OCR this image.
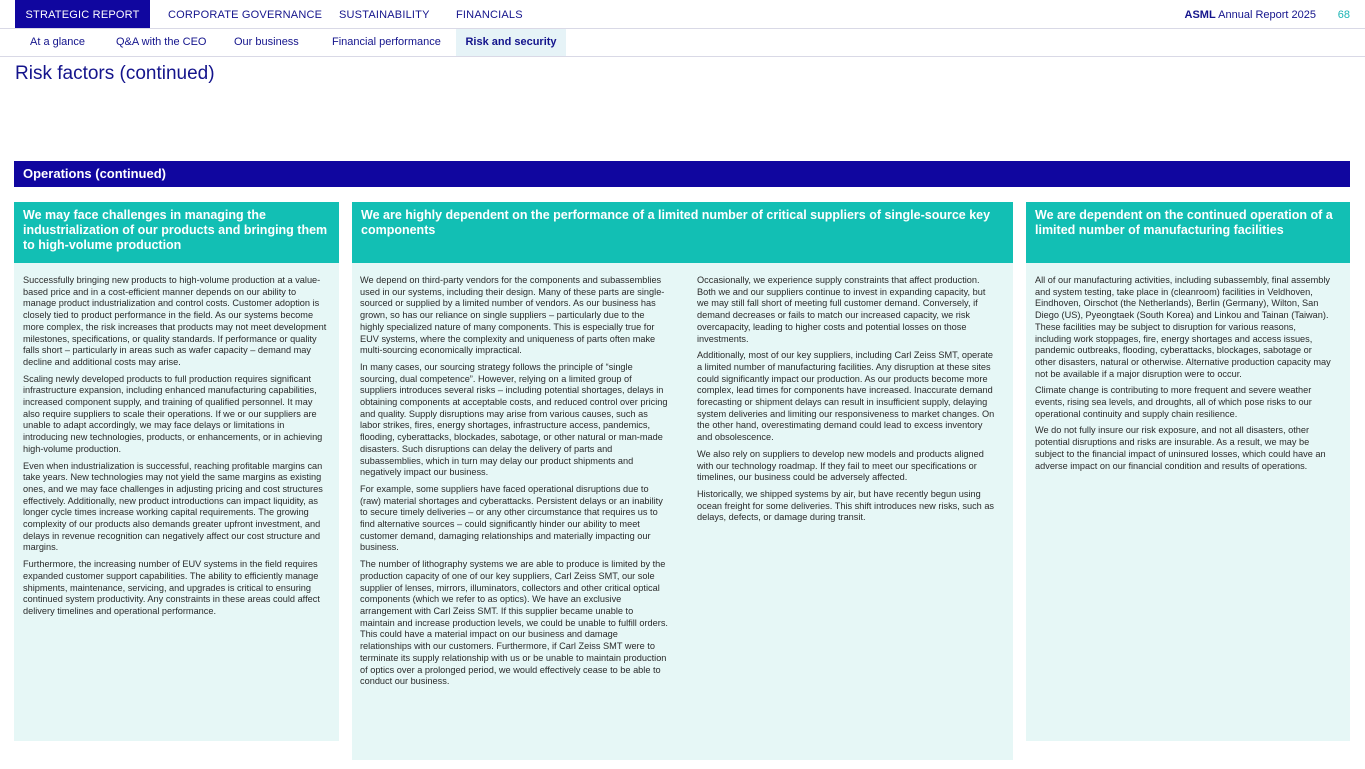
STRATEGIC REPORT	CORPORATE GOVERNANCE SUSTAINABILITY FINANCIALS	ASML Annual Report 2025 68
At a glance	Q&A with the CEO	Our business	Financial performance	Risk and security
Risk factors (continued)
Operations (continued)
We may face challenges in managing the industrialization of our products and bringing them to high-volume production

Successfully bringing new products to high-volume production at a value-based price and in a cost-efficient manner depends on our ability to manage product industrialization and control costs. Customer adoption is closely tied to product performance in the field. As our systems become more complex, the risk increases that products may not meet development milestones, specifications, or quality standards. If performance or quality falls short – particularly in areas such as wafer capacity – demand may decline and additional costs may arise.

Scaling newly developed products to full production requires significant infrastructure expansion, including enhanced manufacturing capabilities, increased component supply, and training of qualified personnel. It may also require suppliers to scale their operations. If we or our suppliers are unable to adapt accordingly, we may face delays or limitations in introducing new technologies, products, or enhancements, or in achieving high-volume production.

Even when industrialization is successful, reaching profitable margins can take years. New technologies may not yield the same margins as existing ones, and we may face challenges in adjusting pricing and cost structures effectively. Additionally, new product introductions can impact liquidity, as longer cycle times increase working capital requirements. The growing complexity of our products also demands greater upfront investment, and delays in revenue recognition can negatively affect our cost structure and margins.

Furthermore, the increasing number of EUV systems in the field requires expanded customer support capabilities. The ability to efficiently manage shipments, maintenance, servicing, and upgrades is critical to ensuring continued system productivity. Any constraints in these areas could affect delivery timelines and operational performance.

We are highly dependent on the performance of a limited number of critical suppliers of single-source key components

We depend on third-party vendors for the components and subassemblies used in our systems, including their design. Many of these parts are single-sourced or supplied by a limited number of vendors. As our business has grown, so has our reliance on single suppliers – particularly due to the highly specialized nature of many components. This is especially true for EUV systems, where the complexity and uniqueness of parts often make multi-sourcing economically impractical.

In many cases, our sourcing strategy follows the principle of “single sourcing, dual competence”. However, relying on a limited group of suppliers introduces several risks – including potential shortages, delays in obtaining components at acceptable costs, and reduced control over pricing and quality. Supply disruptions may arise from various causes, such as labor strikes, fires, energy shortages, infrastructure access, pandemics, flooding, cyberattacks, blockades, sabotage, or other natural or man-made disasters. Such disruptions can delay the delivery of parts and subassemblies, which in turn may delay our product shipments and negatively impact our business.

For example, some suppliers have faced operational disruptions due to (raw) material shortages and cyberattacks. Persistent delays or an inability to secure timely deliveries – or any other circumstance that requires us to find alternative sources – could significantly hinder our ability to meet customer demand, damaging relationships and materially impacting our business.

The number of lithography systems we are able to produce is limited by the production capacity of one of our key suppliers, Carl Zeiss SMT, our sole supplier of lenses, mirrors, illuminators, collectors and other critical optical components (which we refer to as optics). We have an exclusive arrangement with Carl Zeiss SMT. If this supplier became unable to maintain and increase production levels, we could be unable to fulfill orders. This could have a material impact on our business and damage relationships with our customers. Furthermore, if Carl Zeiss SMT were to terminate its supply relationship with us or be unable to maintain production of optics over a prolonged period, we would effectively cease to be able to conduct our business.

Occasionally, we experience supply constraints that affect production. Both we and our suppliers continue to invest in expanding capacity, but we may still fall short of meeting full customer demand. Conversely, if demand decreases or fails to match our increased capacity, we risk overcapacity, leading to higher costs and potential losses on those investments.

Additionally, most of our key suppliers, including Carl Zeiss SMT, operate a limited number of manufacturing facilities. Any disruption at these sites could significantly impact our production. As our products become more complex, lead times for components have increased. Inaccurate demand forecasting or shipment delays can result in insufficient supply, delaying system deliveries and limiting our responsiveness to market changes. On the other hand, overestimating demand could lead to excess inventory and obsolescence.

We also rely on suppliers to develop new models and products aligned with our technology roadmap. If they fail to meet our specifications or timelines, our business could be adversely affected.

Historically, we shipped systems by air, but have recently begun using ocean freight for some deliveries. This shift introduces new risks, such as delays, defects, or damage during transit.

We are dependent on the continued operation of a limited number of manufacturing facilities

All of our manufacturing activities, including subassembly, final assembly and system testing, take place in (cleanroom) facilities in Veldhoven, Eindhoven, Oirschot (the Netherlands), Berlin (Germany), Wilton, San Diego (US), Pyeongtaek (South Korea) and Linkou and Tainan (Taiwan). These facilities may be subject to disruption for various reasons, including work stoppages, fire, energy shortages and access issues, pandemic outbreaks, flooding, cyberattacks, blockages, sabotage or other disasters, natural or otherwise. Alternative production capacity may not be available if a major disruption were to occur.

Climate change is contributing to more frequent and severe weather events, rising sea levels, and droughts, all of which pose risks to our operational continuity and supply chain resilience.

We do not fully insure our risk exposure, and not all disasters, other potential disruptions and risks are insurable. As a result, we may be subject to the financial impact of uninsured losses, which could have an adverse impact on our financial condition and results of operations.
